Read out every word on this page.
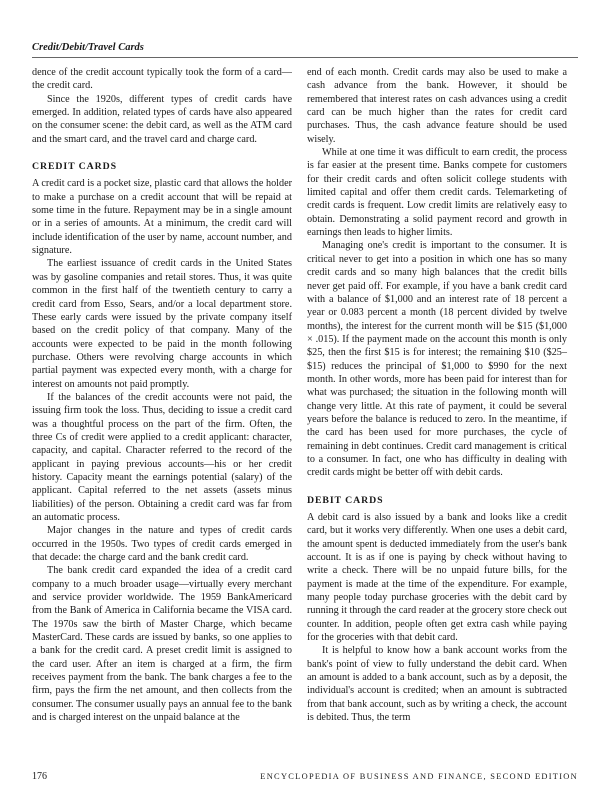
Credit/Debit/Travel Cards

dence of the credit account typically took the form of a card—the credit card.

Since the 1920s, different types of credit cards have emerged. In addition, related types of cards have also appeared on the consumer scene: the debit card, as well as the ATM card and the smart card, and the travel card and charge card.

CREDIT CARDS

A credit card is a pocket size, plastic card that allows the holder to make a purchase on a credit account that will be repaid at some time in the future. Repayment may be in a single amount or in a series of amounts. At a minimum, the credit card will include identification of the user by name, account number, and signature.

The earliest issuance of credit cards in the United States was by gasoline companies and retail stores. Thus, it was quite common in the first half of the twentieth century to carry a credit card from Esso, Sears, and/or a local department store. These early cards were issued by the private company itself based on the credit policy of that company. Many of the accounts were expected to be paid in the month following purchase. Others were revolving charge accounts in which partial payment was expected every month, with a charge for interest on amounts not paid promptly.

If the balances of the credit accounts were not paid, the issuing firm took the loss. Thus, deciding to issue a credit card was a thoughtful process on the part of the firm. Often, the three Cs of credit were applied to a credit applicant: character, capacity, and capital. Character referred to the record of the applicant in paying previous accounts—his or her credit history. Capacity meant the earnings potential (salary) of the applicant. Capital referred to the net assets (assets minus liabilities) of the person. Obtaining a credit card was far from an automatic process.

Major changes in the nature and types of credit cards occurred in the 1950s. Two types of credit cards emerged in that decade: the charge card and the bank credit card.

The bank credit card expanded the idea of a credit card company to a much broader usage—virtually every merchant and service provider worldwide. The 1959 BankAmericard from the Bank of America in California became the VISA card. The 1970s saw the birth of Master Charge, which became MasterCard. These cards are issued by banks, so one applies to a bank for the credit card. A preset credit limit is assigned to the card user. After an item is charged at a firm, the firm receives payment from the bank. The bank charges a fee to the firm, pays the firm the net amount, and then collects from the consumer. The consumer usually pays an annual fee to the bank and is charged interest on the unpaid balance at the

end of each month. Credit cards may also be used to make a cash advance from the bank. However, it should be remembered that interest rates on cash advances using a credit card can be much higher than the rates for credit card purchases. Thus, the cash advance feature should be used wisely.

While at one time it was difficult to earn credit, the process is far easier at the present time. Banks compete for customers for their credit cards and often solicit college students with limited capital and offer them credit cards. Telemarketing of credit cards is frequent. Low credit limits are relatively easy to obtain. Demonstrating a solid payment record and growth in earnings then leads to higher limits.

Managing one's credit is important to the consumer. It is critical never to get into a position in which one has so many credit cards and so many high balances that the credit bills never get paid off. For example, if you have a bank credit card with a balance of $1,000 and an interest rate of 18 percent a year or 0.083 percent a month (18 percent divided by twelve months), the interest for the current month will be $15 ($1,000 × .015). If the payment made on the account this month is only $25, then the first $15 is for interest; the remaining $10 ($25–$15) reduces the principal of $1,000 to $990 for the next month. In other words, more has been paid for interest than for what was purchased; the situation in the following month will change very little. At this rate of payment, it could be several years before the balance is reduced to zero. In the meantime, if the card has been used for more purchases, the cycle of remaining in debt continues. Credit card management is critical to a consumer. In fact, one who has difficulty in dealing with credit cards might be better off with debit cards.

DEBIT CARDS

A debit card is also issued by a bank and looks like a credit card, but it works very differently. When one uses a debit card, the amount spent is deducted immediately from the user's bank account. It is as if one is paying by check without having to write a check. There will be no unpaid future bills, for the payment is made at the time of the expenditure. For example, many people today purchase groceries with the debit card by running it through the card reader at the grocery store check out counter. In addition, people often get extra cash while paying for the groceries with that debit card.

It is helpful to know how a bank account works from the bank's point of view to fully understand the debit card. When an amount is added to a bank account, such as by a deposit, the individual's account is credited; when an amount is subtracted from that bank account, such as by writing a check, the account is debited. Thus, the term

176	ENCYCLOPEDIA OF BUSINESS AND FINANCE, SECOND EDITION
